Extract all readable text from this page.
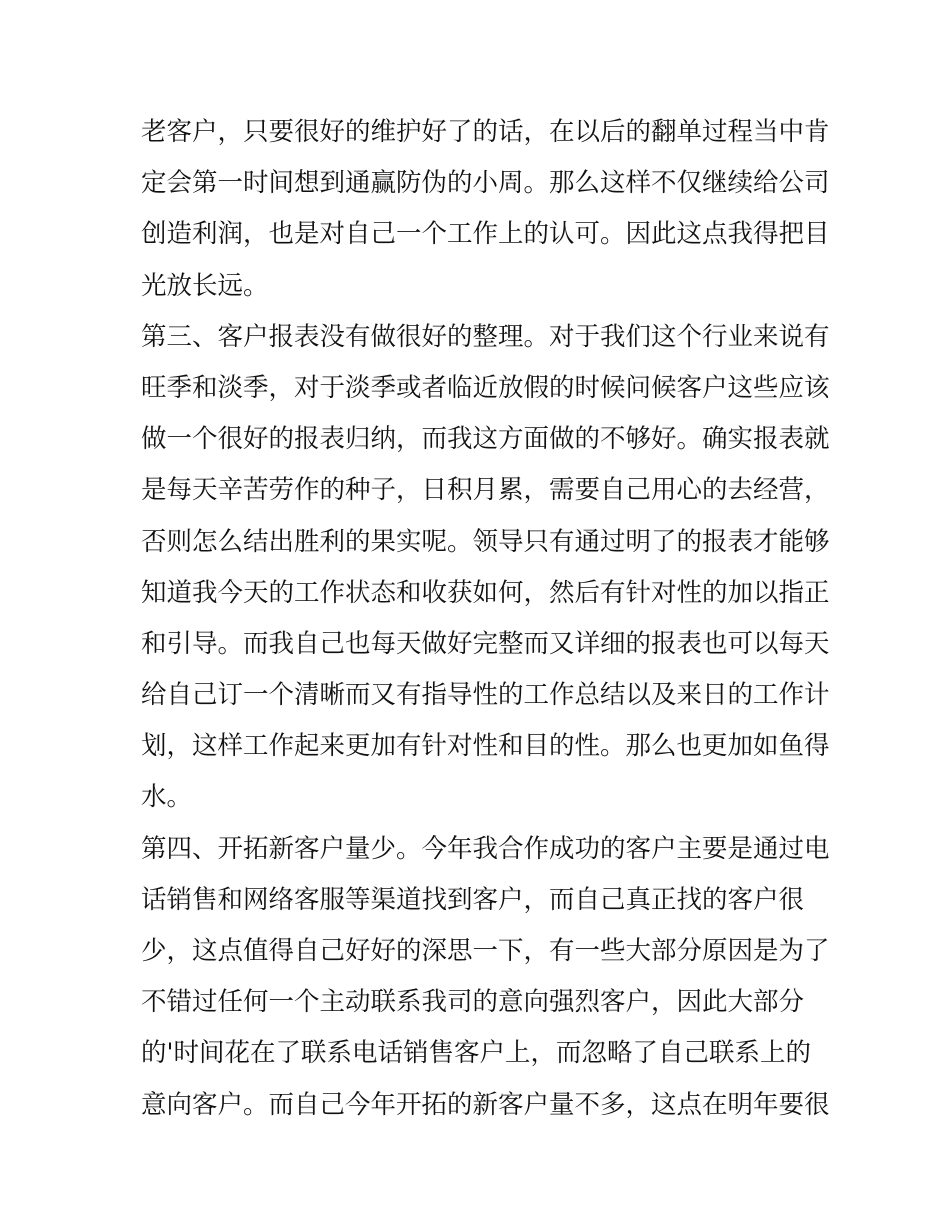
老客户，只要很好的维护好了的话，在以后的翻单过程当中肯
定会第一时间想到通赢防伪的小周。那么这样不仅继续给公司
创造利润，也是对自己一个工作上的认可。因此这点我得把目
光放长远。
第三、客户报表没有做很好的整理。对于我们这个行业来说有
旺季和淡季，对于淡季或者临近放假的时候问候客户这些应该
做一个很好的报表归纳，而我这方面做的不够好。确实报表就
是每天辛苦劳作的种子，日积月累，需要自己用心的去经营，
否则怎么结出胜利的果实呢。领导只有通过明了的报表才能够
知道我今天的工作状态和收获如何，然后有针对性的加以指正
和引导。而我自己也每天做好完整而又详细的报表也可以每天
给自己订一个清晰而又有指导性的工作总结以及来日的工作计
划，这样工作起来更加有针对性和目的性。那么也更加如鱼得
水。
第四、开拓新客户量少。今年我合作成功的客户主要是通过电
话销售和网络客服等渠道找到客户，而自己真正找的客户很
少，这点值得自己好好的深思一下，有一些大部分原因是为了
不错过任何一个主动联系我司的意向强烈客户，因此大部分
的'时间花在了联系电话销售客户上，而忽略了自己联系上的
意向客户。而自己今年开拓的新客户量不多，这点在明年要很
